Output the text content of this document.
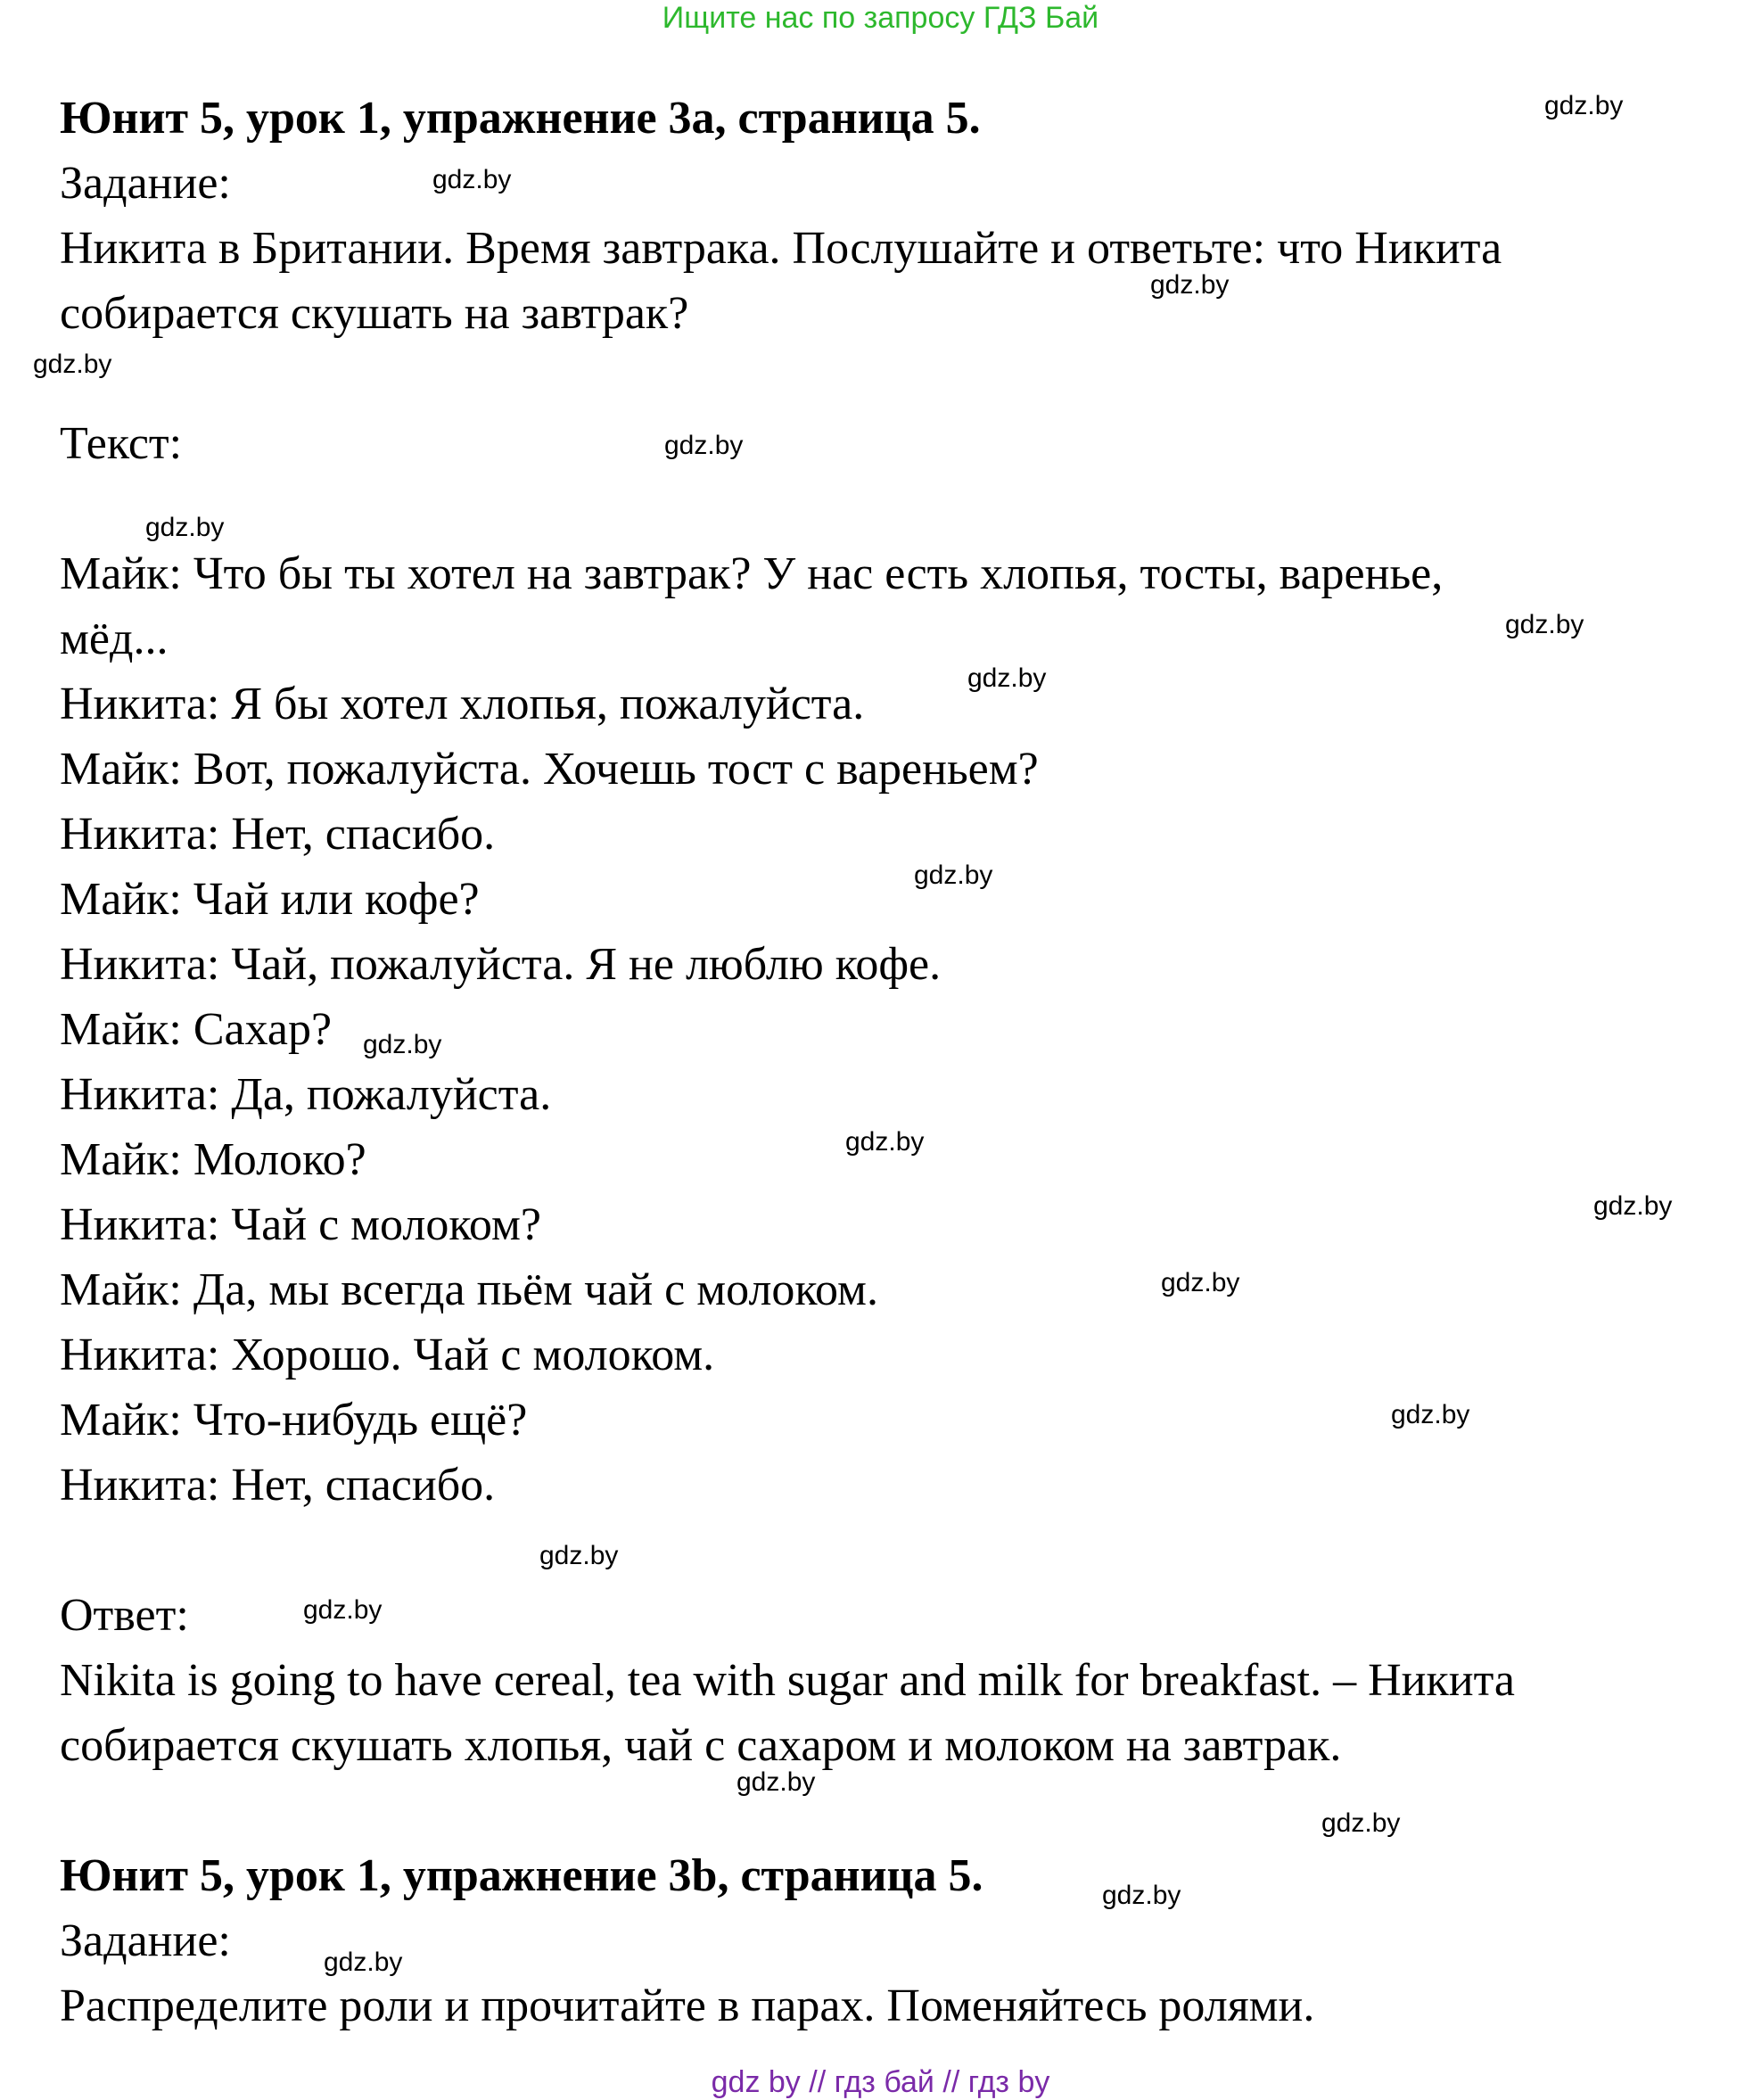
Ищите нас по запросу ГДЗ Бай
Юнит 5, урок 1, упражнение 3a, страница 5.
Задание:
Никита в Британии. Время завтрака. Послушайте и ответьте: что Никита
собирается скушать на завтрак?
Текст:
Майк: Что бы ты хотел на завтрак? У нас есть хлопья, тосты, варенье,
мёд...
Никита: Я бы хотел хлопья, пожалуйста.
Майк: Вот, пожалуйста. Хочешь тост с вареньем?
Никита: Нет, спасибо.
Майк: Чай или кофе?
Никита: Чай, пожалуйста. Я не люблю кофе.
Майк: Сахар?
Никита: Да, пожалуйста.
Майк: Молоко?
Никита: Чай с молоком?
Майк: Да, мы всегда пьём чай с молоком.
Никита: Хорошо. Чай с молоком.
Майк: Что-нибудь ещё?
Никита: Нет, спасибо.
Ответ:
Nikita is going to have cereal, tea with sugar and milk for breakfast. – Никита
собирается скушать хлопья, чай с сахаром и молоком на завтрак.
Юнит 5, урок 1, упражнение 3b, страница 5.
Задание:
Распределите роли и прочитайте в парах. Поменяйтесь ролями.
gdz.by
gdz.by
gdz.by
gdz.by
gdz.by
gdz.by
gdz.by
gdz.by
gdz.by
gdz.by
gdz.by
gdz.by
gdz.by
gdz.by
gdz.by
gdz.by
gdz.by
gdz.by
gdz.by
gdz.by
gdz by // гдз бай // гдз by
